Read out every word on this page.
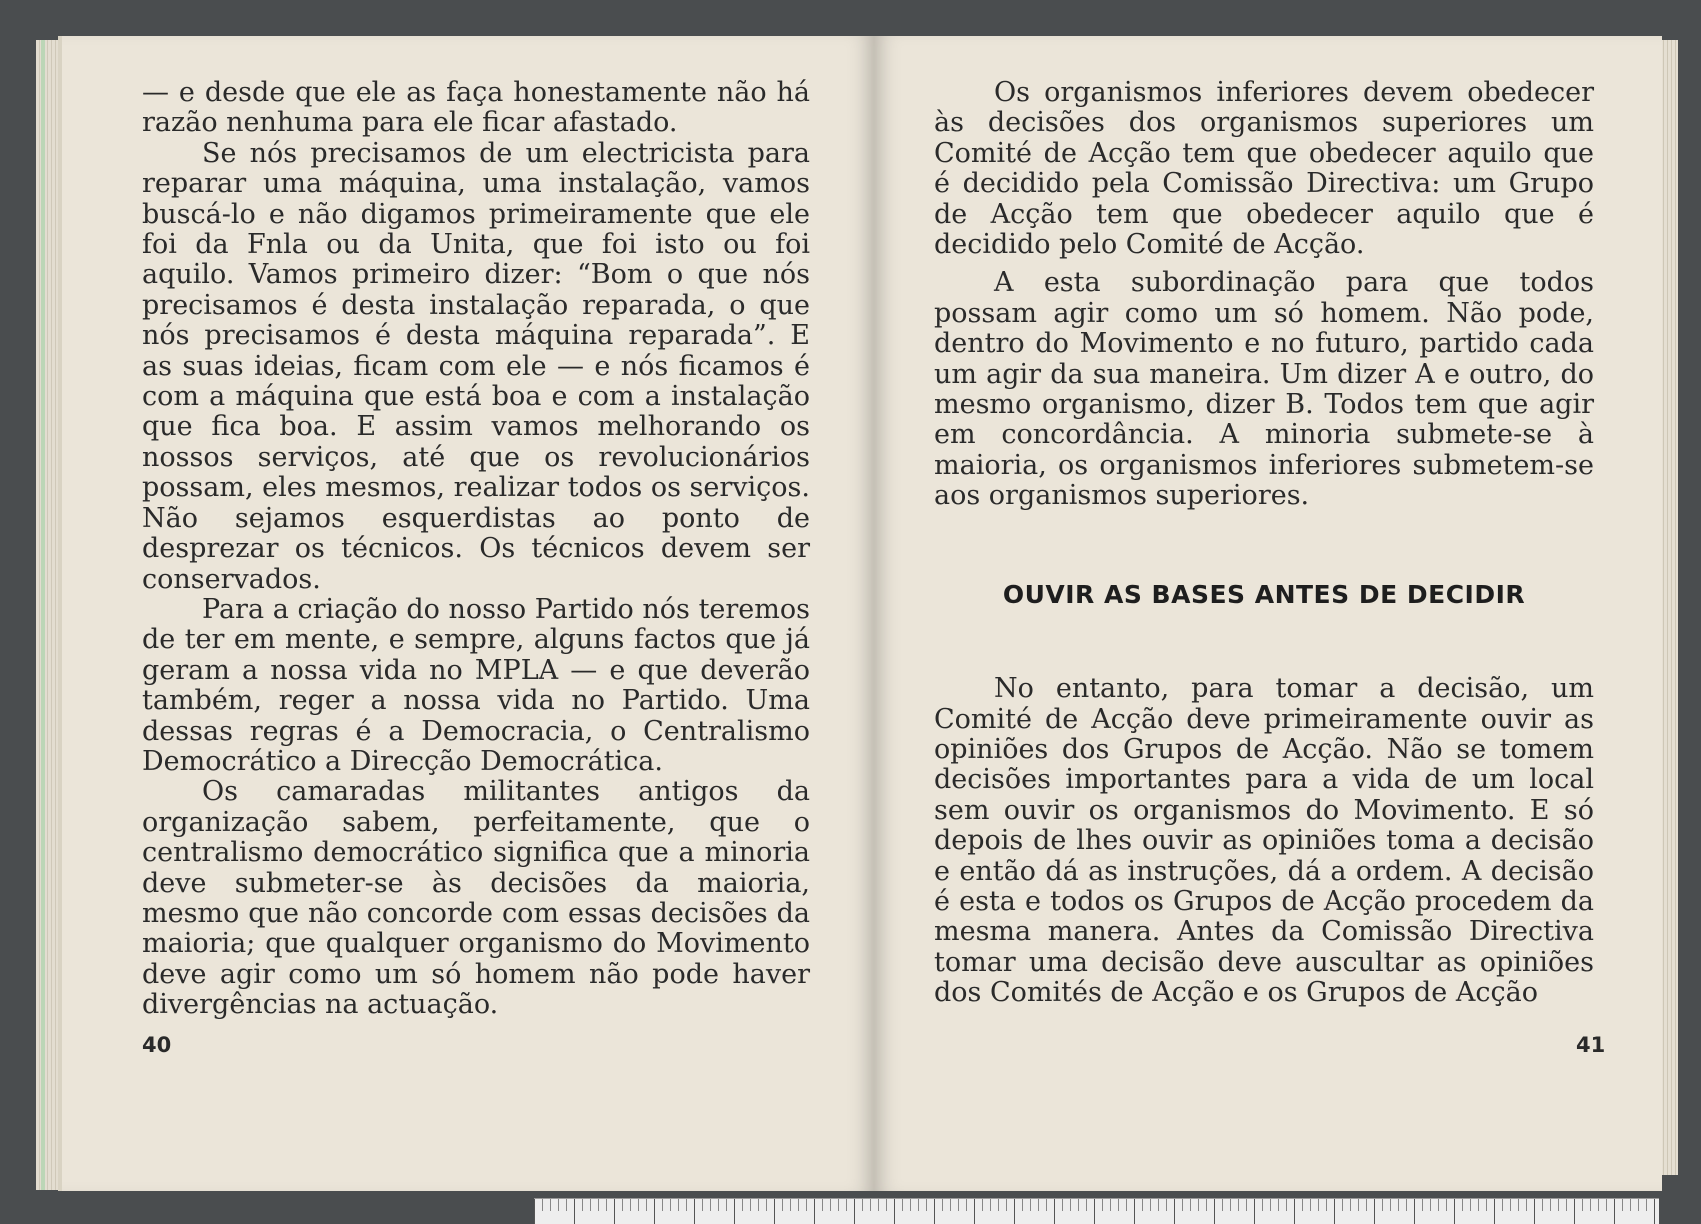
— e desde que ele as faça honestamente não há razão nenhuma para ele ficar afastado.

Se nós precisamos de um electricista para reparar uma máquina, uma instalação, vamos buscá-lo e não digamos primeiramente que ele foi da Fnla ou da Unita, que foi isto ou foi aquilo. Vamos primeiro dizer: “Bom o que nós precisamos é desta instalação reparada, o que nós precisamos é desta máquina reparada”. E as suas ideias, ficam com ele — e nós ficamos é com a máquina que está boa e com a instalação que fica boa. E assim vamos melhorando os nossos serviços, até que os revolucionários possam, eles mesmos, realizar todos os serviços. Não sejamos esquerdistas ao ponto de desprezar os técnicos. Os técnicos devem ser conservados.

Para a criação do nosso Partido nós teremos de ter em mente, e sempre, alguns factos que já geram a nossa vida no MPLA — e que deverão também, reger a nossa vida no Partido. Uma dessas regras é a Democracia, o Centralismo Democrático a Direcção Democrática.

Os camaradas militantes antigos da organização sabem, perfeitamente, que o centralismo democrático significa que a minoria deve submeter-se às decisões da maioria, mesmo que não concorde com essas decisões da maioria; que qualquer organismo do Movimento deve agir como um só homem não pode haver divergências na actuação.

40

Os organismos inferiores devem obedecer às decisões dos organismos superiores um Comité de Acção tem que obedecer aquilo que é decidido pela Comissão Directiva: um Grupo de Acção tem que obedecer aquilo que é decidido pelo Comité de Acção.

A esta subordinação para que todos possam agir como um só homem. Não pode, dentro do Movimento e no futuro, partido cada um agir da sua maneira. Um dizer A e outro, do mesmo organismo, dizer B. Todos tem que agir em concordância. A minoria submete-se à maioria, os organismos inferiores submetem-se aos organismos superiores.

OUVIR AS BASES ANTES DE DECIDIR

No entanto, para tomar a decisão, um Comité de Acção deve primeiramente ouvir as opiniões dos Grupos de Acção. Não se tomem decisões importantes para a vida de um local sem ouvir os organismos do Movimento. E só depois de lhes ouvir as opiniões toma a decisão e então dá as instruções, dá a ordem. A decisão é esta e todos os Grupos de Acção procedem da mesma manera. Antes da Comissão Directiva tomar uma decisão deve auscultar as opiniões dos Comités de Acção e os Grupos de Acção

41
